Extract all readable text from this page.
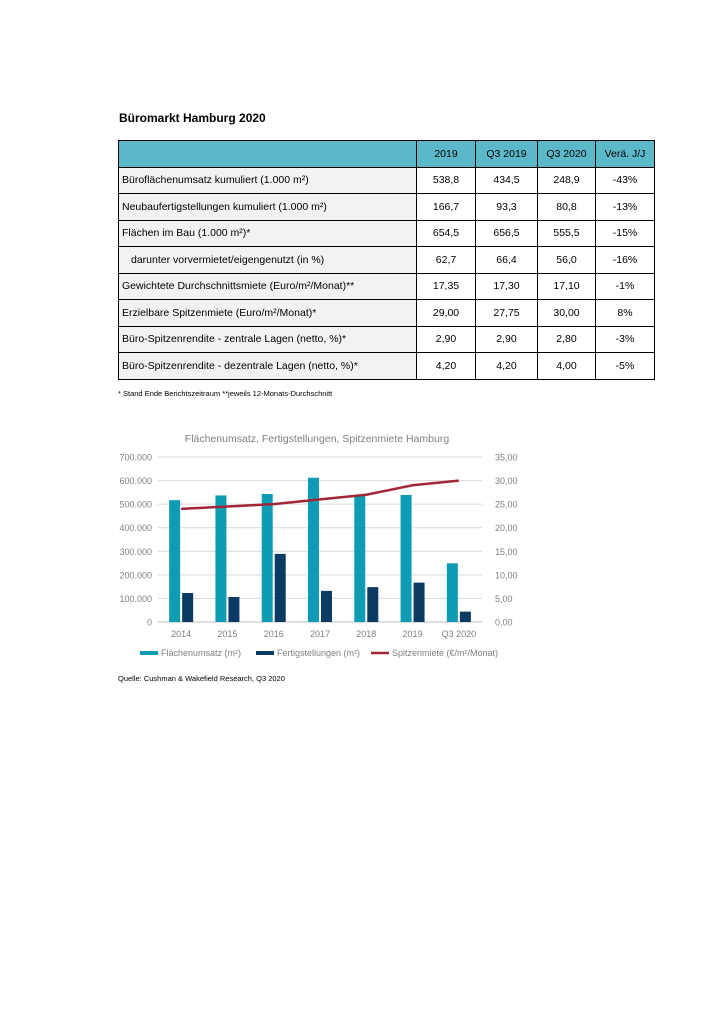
Büromarkt Hamburg 2020
	2019	Q3 2019	Q3 2020	Verä. J/J
Büroflächenumsatz kumuliert (1.000 m²)	538,8	434,5	248,9	-43%
Neubaufertigstellungen kumuliert (1.000 m²)	166,7	93,3	80,8	-13%
Flächen im Bau (1.000 m²)*	654,5	656,5	555,5	-15%
darunter vorvermietet/eigengenutzt (in %)	62,7	66,4	56,0	-16%
Gewichtete Durchschnittsmiete (Euro/m²/Monat)**	17,35	17,30	17,10	-1%
Erzielbare Spitzenmiete (Euro/m²/Monat)*	29,00	27,75	30,00	8%
Büro-Spitzenrendite - zentrale Lagen (netto, %)*	2,90	2,90	2,80	-3%
Büro-Spitzenrendite - dezentrale Lagen (netto, %)*	4,20	4,20	4,00	-5%
* Stand Ende Berichtszeitraum **jeweils 12-Monats-Durchschnitt
Flächenumsatz, Fertigstellungen, Spitzenmiete Hamburg
0
100.000
200.000
300.000
400.000
500.000
600.000
700.000
0,00
5,00
10,00
15,00
20,00
25,00
30,00
35,00
2014	2015	2016	2017	2018	2019 Q3 2020
Flächenumsatz (m²)	Fertigstellungen (m²)	Spitzenmiete (€/m²/Monat)
Quelle: Cushman & Wakefield Research, Q3 2020
